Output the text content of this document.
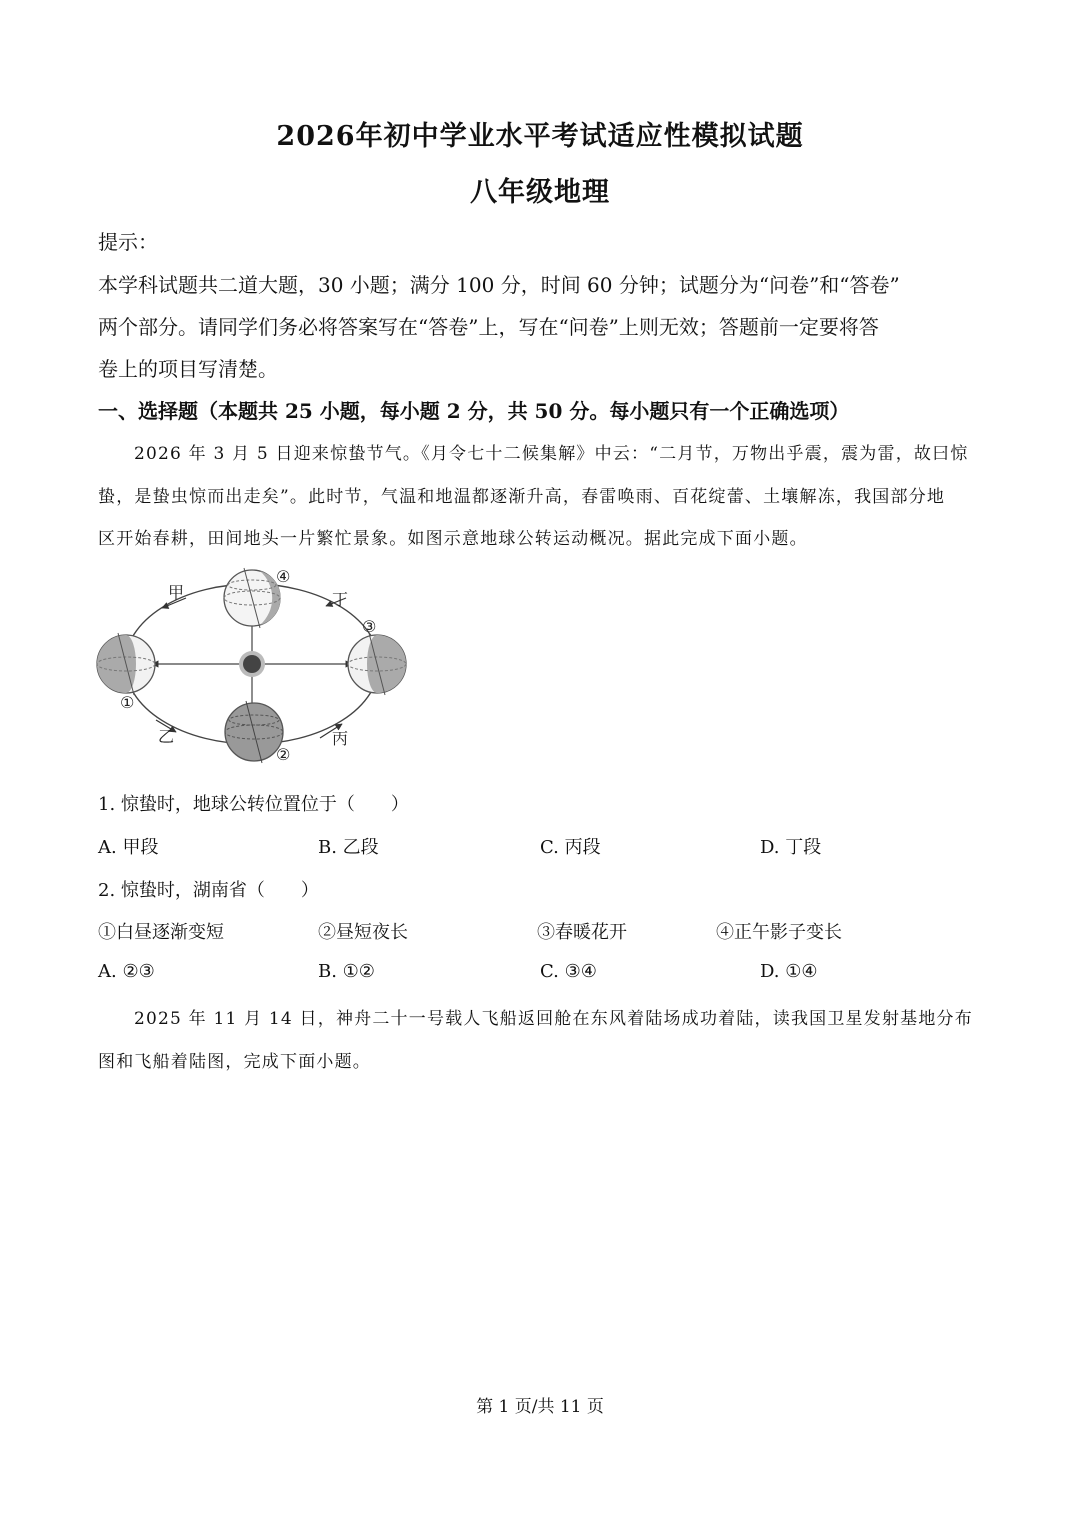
2026年初中学业水平考试适应性模拟试题
八年级地理
提示：
本学科试题共二道大题，30 小题；满分 100 分，时间 60 分钟；试题分为“问卷”和“答卷”
两个部分。请同学们务必将答案写在“答卷”上，写在“问卷”上则无效；答题前一定要将答
卷上的项目写清楚。
一、选择题（本题共 25 小题，每小题 2 分，共 50 分。每小题只有一个正确选项）
2026 年 3 月 5 日迎来惊蛰节气。《月令七十二候集解》中云：“二月节，万物出乎震，震为雷，故曰惊
蛰，是蛰虫惊而出走矣”。此时节，气温和地温都逐渐升高，春雷唤雨、百花绽蕾、土壤解冻，我国部分地
区开始春耕，田间地头一片繁忙景象。如图示意地球公转运动概况。据此完成下面小题。
甲
乙	丙
丁
①
②
③
④
1. 惊蛰时，地球公转位置位于（　　）
A. 甲段	B. 乙段	C. 丙段	D. 丁段
2. 惊蛰时，湖南省（　　）
①白昼逐渐变短	②昼短夜长	③春暖花开	④正午影子变长
A. ②③	B. ①②	C. ③④	D. ①④
2025 年 11 月 14 日，神舟二十一号载人飞船返回舱在东风着陆场成功着陆，读我国卫星发射基地分布
图和飞船着陆图，完成下面小题。
第 1 页/共 11 页
